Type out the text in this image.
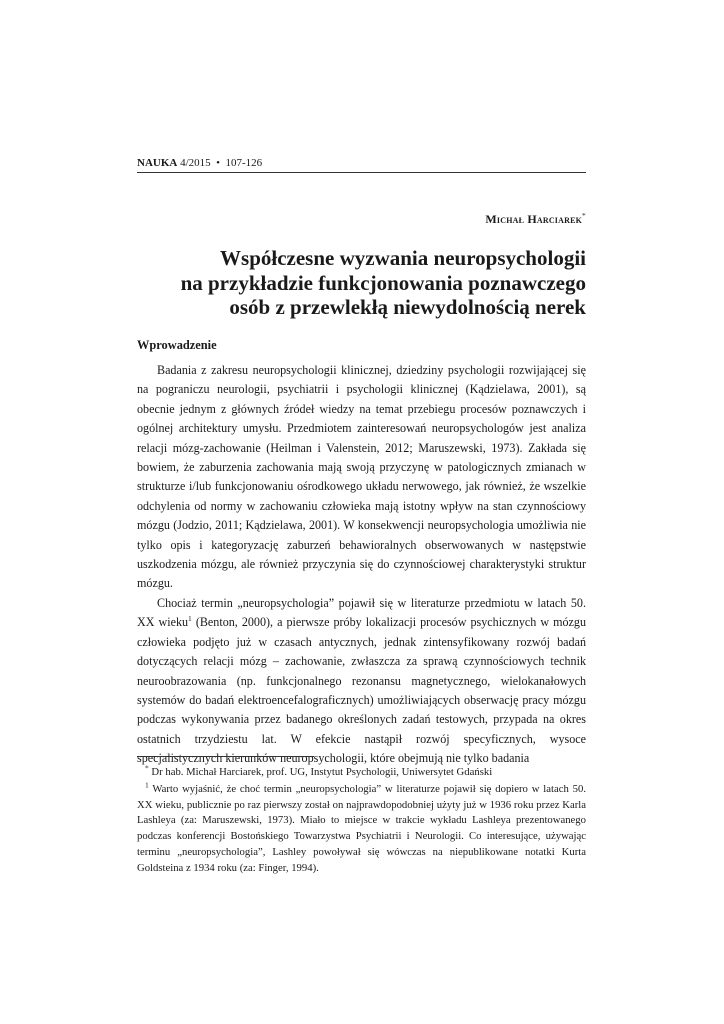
NAUKA 4/2015 • 107-126
Michał Harciarek*
Współczesne wyzwania neuropsychologii
na przykładzie funkcjonowania poznawczego
osób z przewlekłą niewydolnością nerek
Wprowadzenie

Badania z zakresu neuropsychologii klinicznej, dziedziny psychologii rozwijającej się na pograniczu neurologii, psychiatrii i psychologii klinicznej (Kądzielawa, 2001), są obecnie jednym z głównych źródeł wiedzy na temat przebiegu procesów poznawczych i ogólnej architektury umysłu. Przedmiotem zainteresowań neuropsychologów jest analiza relacji mózg-zachowanie (Heilman i Valenstein, 2012; Maruszewski, 1973). Zakłada się bowiem, że zaburzenia zachowania mają swoją przyczynę w patologicznych zmianach w strukturze i/lub funkcjonowaniu ośrodkowego układu nerwowego, jak również, że wszelkie odchylenia od normy w zachowaniu człowieka mają istotny wpływ na stan czynnościowy mózgu (Jodzio, 2011; Kądzielawa, 2001). W konsekwencji neuropsychologia umożliwia nie tylko opis i kategoryzację zaburzeń behawioralnych obserwowanych w następstwie uszkodzenia mózgu, ale również przyczynia się do czynnościowej charakterystyki struktur mózgu.

Chociaż termin „neuropsychologia” pojawił się w literaturze przedmiotu w latach 50. XX wieku$^1$ (Benton, 2000), a pierwsze próby lokalizacji procesów psychicznych w mózgu człowieka podjęto już w czasach antycznych, jednak zintensyfikowany rozwój badań dotyczących relacji mózg – zachowanie, zwłaszcza za sprawą czynnościowych technik neuroobrazowania (np. funkcjonalnego rezonansu magnetycznego, wielokanałowych systemów do badań elektroencefalograficznych) umożliwiających obserwację pracy mózgu podczas wykonywania przez badanego określonych zadań testowych, przypada na okres ostatnich trzydziestu lat. W efekcie nastąpił rozwój specyficznych, wysoce specjalistycznych kierunków neuropsychologii, które obejmują nie tylko badania

* Dr hab. Michał Harciarek, prof. UG, Instytut Psychologii, Uniwersytet Gdański

$^1$ Warto wyjaśnić, że choć termin „neuropsychologia” w literaturze pojawił się dopiero w latach 50. XX wieku, publicznie po raz pierwszy został on najprawdopodobniej użyty już w 1936 roku przez Karla Lashleya (za: Maruszewski, 1973). Miało to miejsce w trakcie wykładu Lashleya prezentowanego podczas konferencji Bostońskiego Towarzystwa Psychiatrii i Neurologii. Co interesujące, używając terminu „neuropsychologia”, Lashley powoływał się wówczas na niepublikowane notatki Kurta Goldsteina z 1934 roku (za: Finger, 1994).
